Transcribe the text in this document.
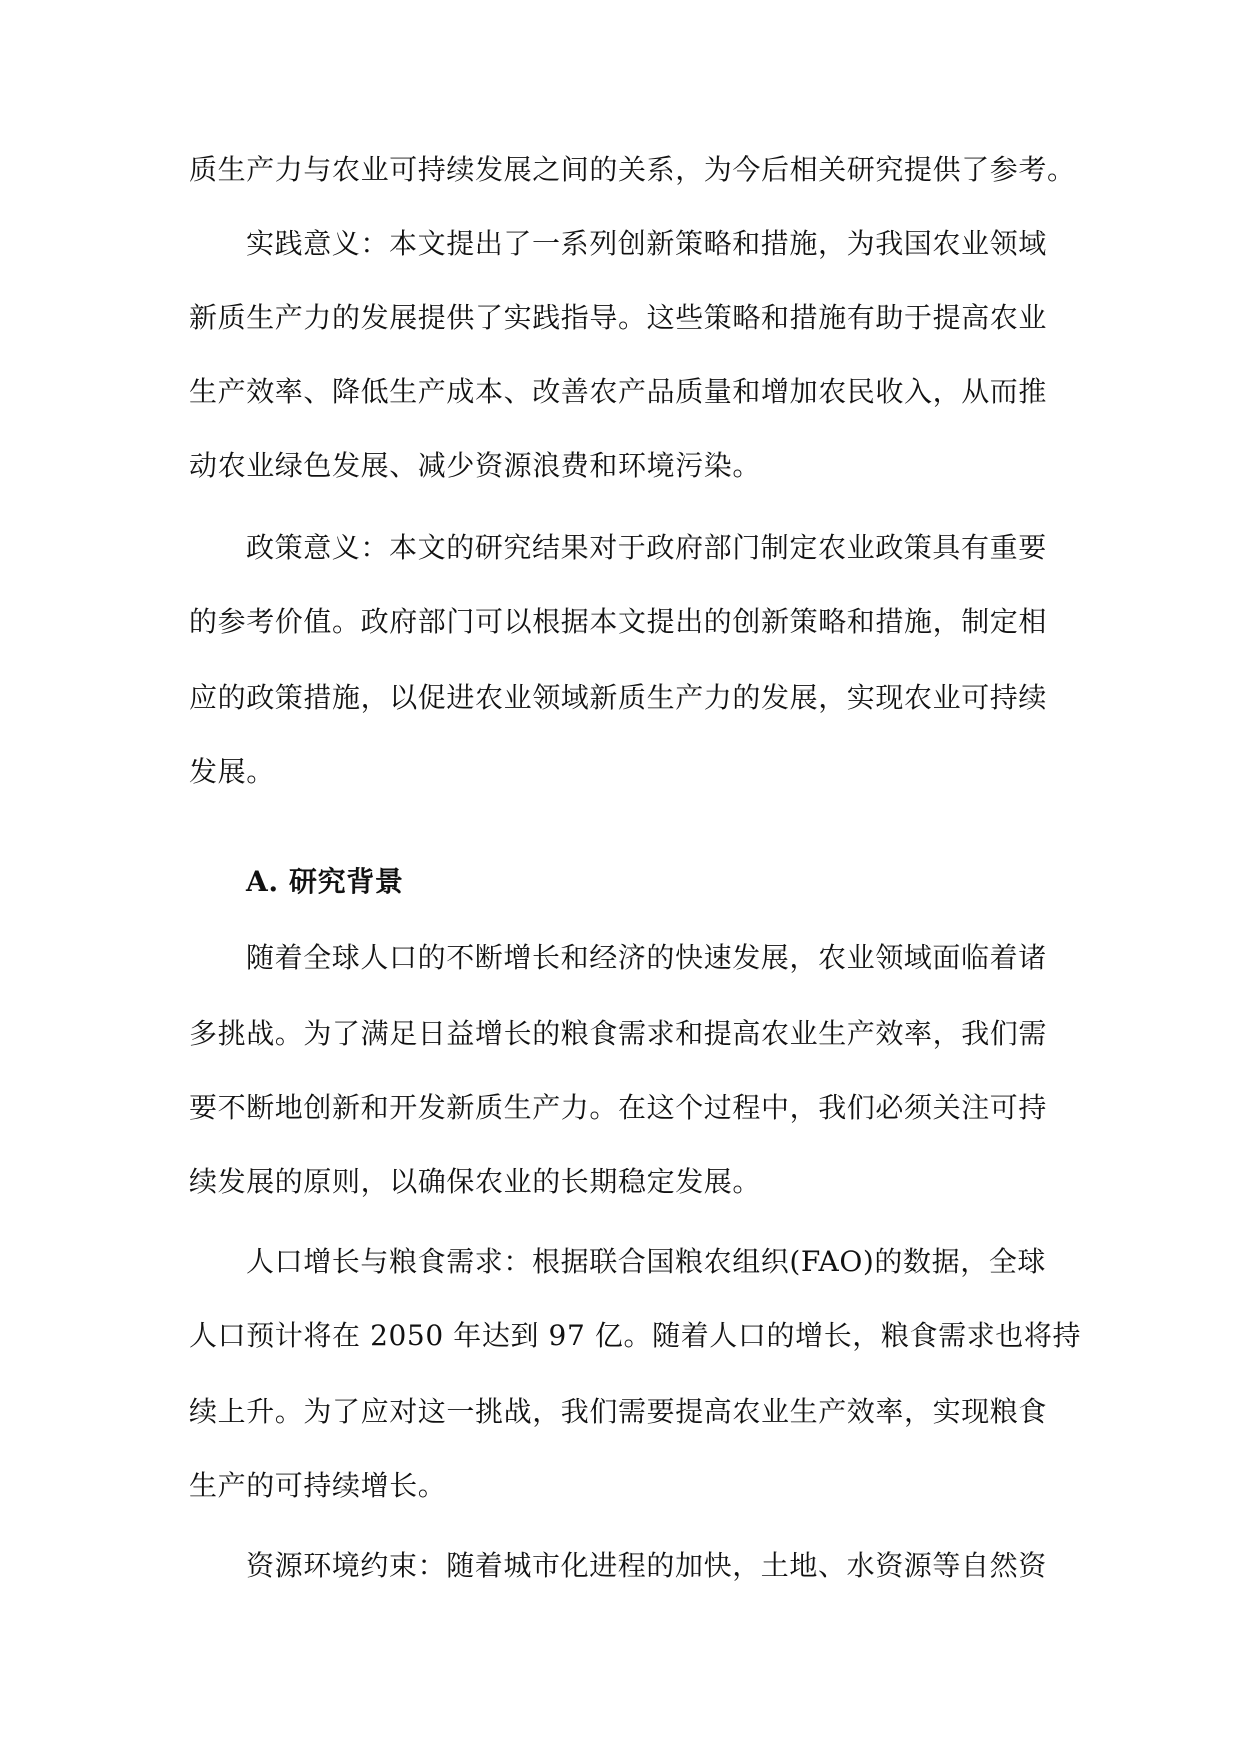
质生产力与农业可持续发展之间的关系，为今后相关研究提供了参考。
实践意义：本文提出了一系列创新策略和措施，为我国农业领域
新质生产力的发展提供了实践指导。这些策略和措施有助于提高农业
生产效率、降低生产成本、改善农产品质量和增加农民收入，从而推
动农业绿色发展、减少资源浪费和环境污染。
政策意义：本文的研究结果对于政府部门制定农业政策具有重要
的参考价值。政府部门可以根据本文提出的创新策略和措施，制定相
应的政策措施，以促进农业领域新质生产力的发展，实现农业可持续
发展。
A. 研究背景
随着全球人口的不断增长和经济的快速发展，农业领域面临着诸
多挑战。为了满足日益增长的粮食需求和提高农业生产效率，我们需
要不断地创新和开发新质生产力。在这个过程中，我们必须关注可持
续发展的原则，以确保农业的长期稳定发展。
人口增长与粮食需求：根据联合国粮农组织(FAO)的数据，全球
人口预计将在 2050 年达到 97 亿。随着人口的增长，粮食需求也将持
续上升。为了应对这一挑战，我们需要提高农业生产效率，实现粮食
生产的可持续增长。
资源环境约束：随着城市化进程的加快，土地、水资源等自然资
